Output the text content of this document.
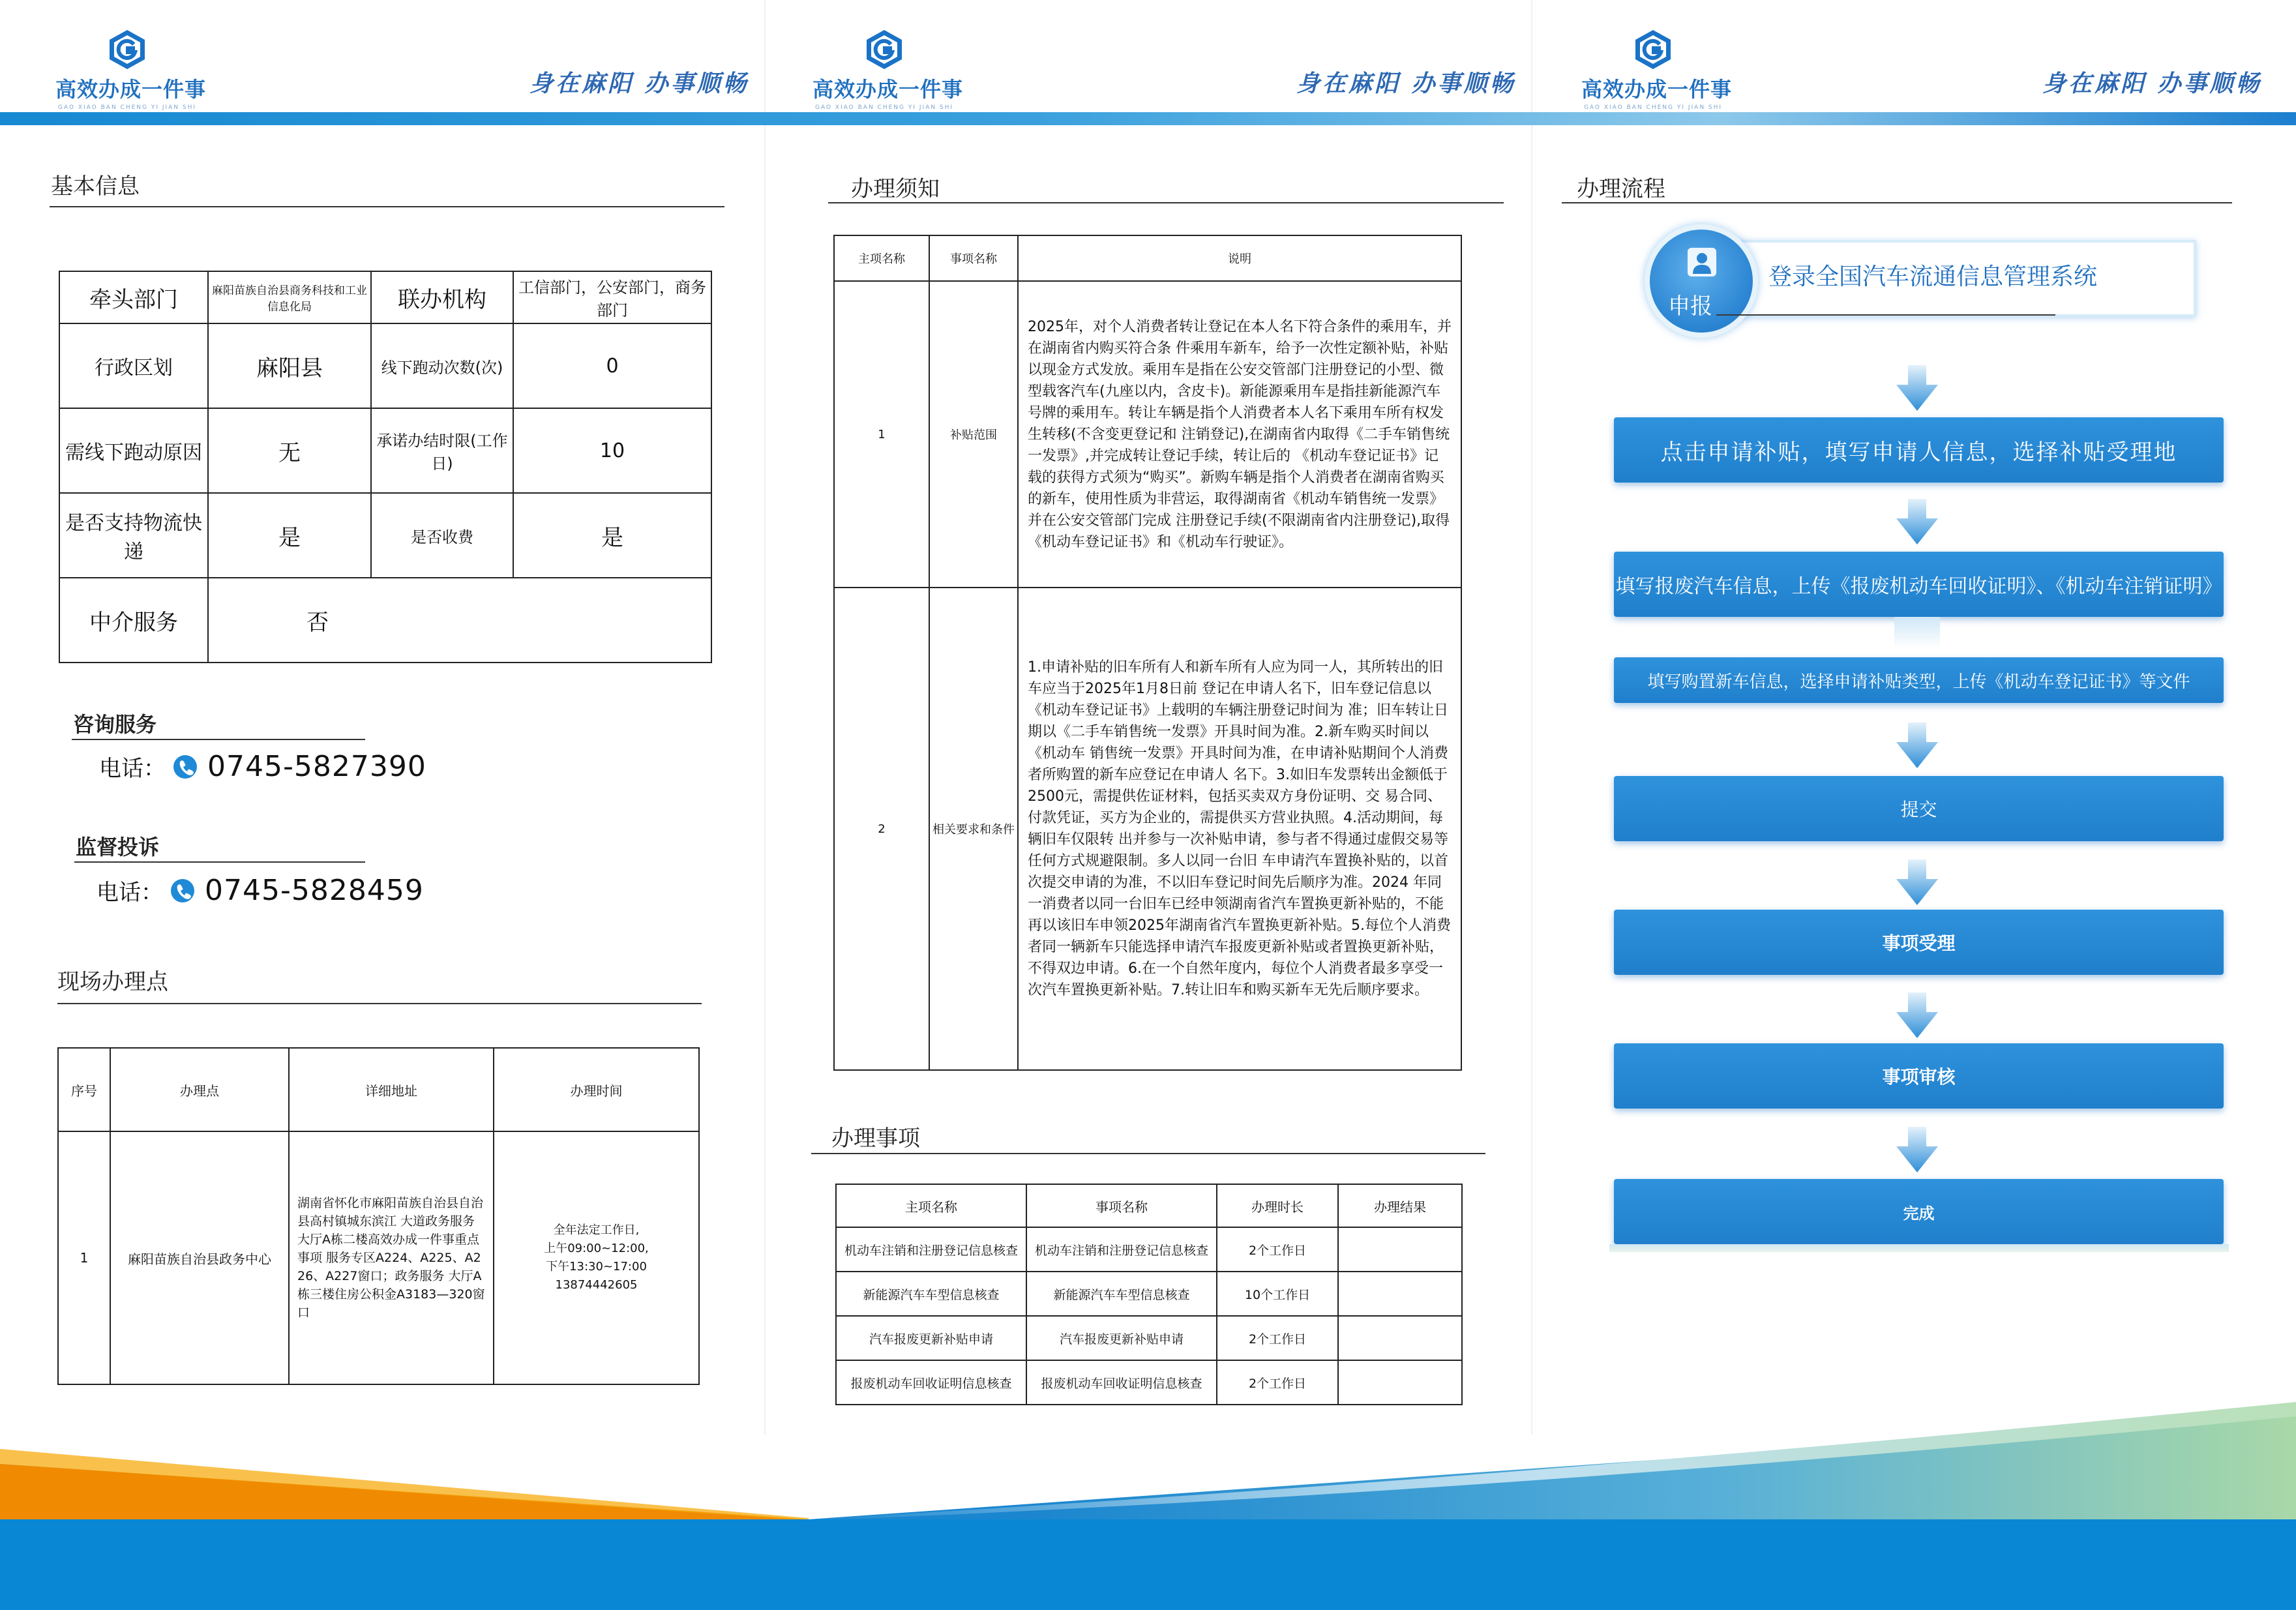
高效办成一件事
GAO XIAO BAN CHENG YI JIAN SHI
身在麻阳 办事顺畅	高效办成一件事
GAO XIAO BAN CHENG YI JIAN SHI
身在麻阳 办事顺畅	高效办成一件事
GAO XIAO BAN CHENG YI JIAN SHI
身在麻阳 办事顺畅
基本信息
牵头部门	麻阳苗族自治县商务科技和工业信息化局	联办机构	工信部门，公安部门，商务部门
行政区划	麻阳县	线下跑动次数(次)	0
需线下跑动原因	无	承诺办结时限(工作日)	10
是否支持物流快递	是	是否收费	是
中介服务	否		
咨询服务
电话： 0745-5827390
监督投诉
电话： 0745-5828459
现场办理点
序号	办理点	详细地址	办理时间
1	麻阳苗族自治县政务中心	湖南省怀化市麻阳苗族自治县自治县高村镇城东滨江 大道政务服务大厅A栋二楼高效办成一件事重点事项 服务专区A224、A225、A226、A227窗口；政务服务 大厅A栋三楼住房公积金A3183—320窗口	全年法定工作日,
上午09:00~12:00,
下午13:30~17:00
13874442605
办理须知
主项名称	事项名称	说明
1	补贴范围	2025年，对个人消费者转让登记在本人名下符合条件的乘用车，并在湖南省内购买符合条 件乘用车新车，给予一次性定额补贴，补贴以现金方式发放。乘用车是指在公安交管部门注册登记的小型、微型载客汽车(九座以内，含皮卡)。新能源乘用车是指挂新能源汽车 号牌的乘用车。转让车辆是指个人消费者本人名下乘用车所有权发生转移(不含变更登记和 注销登记),在湖南省内取得《二手车销售统一发票》,并完成转让登记手续，转让后的 《机动车登记证书》记载的获得方式须为“购买”。新购车辆是指个人消费者在湖南省购买 的新车，使用性质为非营运，取得湖南省《机动车销售统一发票》并在公安交管部门完成 注册登记手续(不限湖南省内注册登记),取得《机动车登记证书》和《机动车行驶证》。
2	相关要求和条件	1.申请补贴的旧车所有人和新车所有人应为同一人，其所转出的旧车应当于2025年1月8日前 登记在申请人名下，旧车登记信息以《机动车登记证书》上载明的车辆注册登记时间为 准；旧车转让日期以《二手车销售统一发票》开具时间为准。2.新车购买时间以《机动车 销售统一发票》开具时间为准，在申请补贴期间个人消费者所购置的新车应登记在申请人 名下。3.如旧车发票转出金额低于2500元，需提供佐证材料，包括买卖双方身份证明、交 易合同、付款凭证，买方为企业的，需提供买方营业执照。4.活动期间，每辆旧车仅限转 出并参与一次补贴申请，参与者不得通过虚假交易等任何方式规避限制。多人以同一台旧 车申请汽车置换补贴的，以首次提交申请的为准，不以旧车登记时间先后顺序为准。2024 年同一消费者以同一台旧车已经申领湖南省汽车置换更新补贴的，不能再以该旧车申领2025年湖南省汽车置换更新补贴。5.每位个人消费者同一辆新车只能选择申请汽车报废更新补贴或者置换更新补贴，不得双边申请。6.在一个自然年度内，每位个人消费者最多享受一次汽车置换更新补贴。7.转让旧车和购买新车无先后顺序要求。
办理事项
主项名称	事项名称	办理时长	办理结果
机动车注销和注册登记信息核查	机动车注销和注册登记信息核查	2个工作日	
新能源汽车车型信息核查	新能源汽车车型信息核查	10个工作日	
汽车报废更新补贴申请	汽车报废更新补贴申请	2个工作日	
报废机动车回收证明信息核查	报废机动车回收证明信息核查	2个工作日	
办理流程
申报
登录全国汽车流通信息管理系统
点击申请补贴，填写申请人信息，选择补贴受理地
填写报废汽车信息，上传《报废机动车回收证明》、《机动车注销证明》
填写购置新车信息，选择申请补贴类型，上传《机动车登记证书》等文件
提交
事项受理
事项审核
完成
